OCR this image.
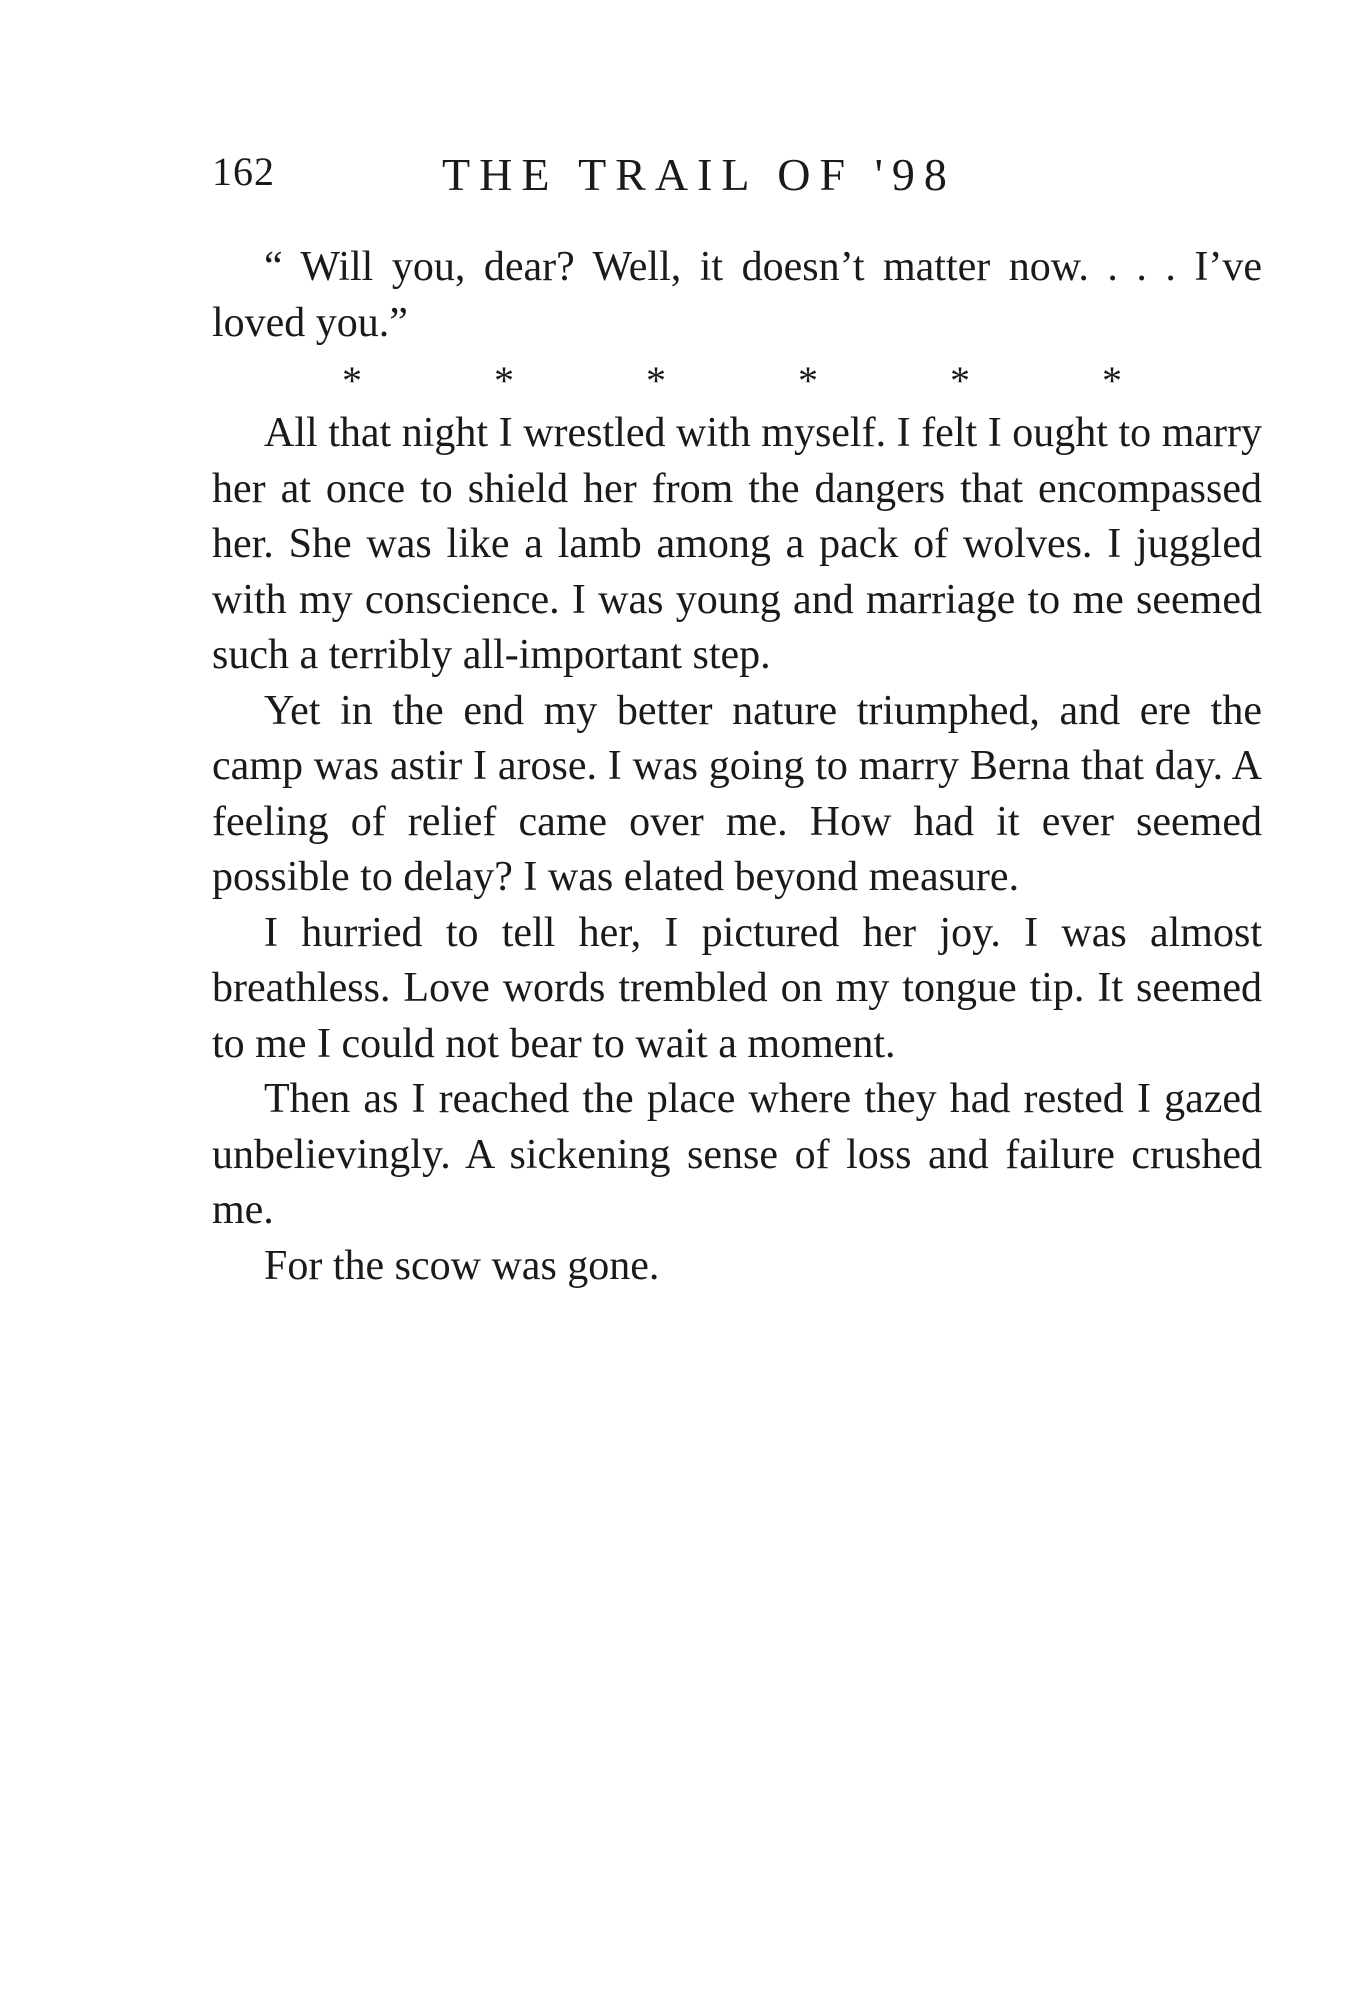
162	THE TRAIL OF '98

“ Will you, dear? Well, it doesn’t matter now. . . . I’ve loved you.”

*	*	*	*	*	*

All that night I wrestled with myself. I felt I ought to marry her at once to shield her from the dangers that encompassed her. She was like a lamb among a pack of wolves. I juggled with my conscience. I was young and marriage to me seemed such a terribly all-important step.

Yet in the end my better nature triumphed, and ere the camp was astir I arose. I was going to marry Berna that day. A feeling of relief came over me. How had it ever seemed possible to delay? I was elated beyond measure.

I hurried to tell her, I pictured her joy. I was almost breathless. Love words trembled on my tongue tip. It seemed to me I could not bear to wait a moment.

Then as I reached the place where they had rested I gazed unbelievingly. A sickening sense of loss and failure crushed me.

For the scow was gone.
